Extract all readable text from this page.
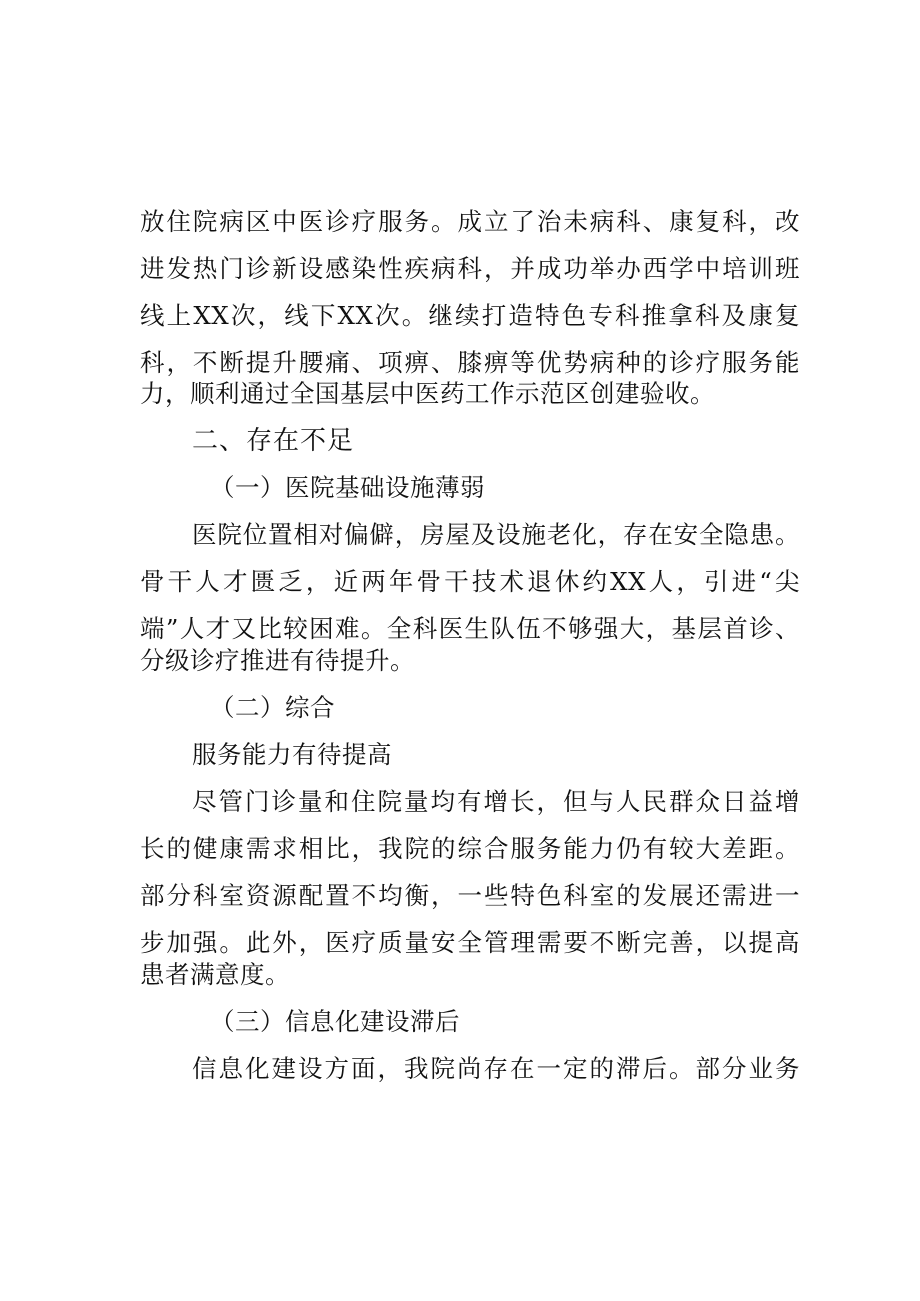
放住院病区中医诊疗服务。成立了治未病科、康复科，改
进发热门诊新设感染性疾病科，并成功举办西学中培训班
线上XX次，线下XX次。继续打造特色专科推拿科及康复
科，不断提升腰痛、项痹、膝痹等优势病种的诊疗服务能
力，顺利通过全国基层中医药工作示范区创建验收。
二、存在不足
（一）医院基础设施薄弱
医院位置相对偏僻，房屋及设施老化，存在安全隐患。
骨干人才匮乏，近两年骨干技术退休约XX人，引进“尖
端”人才又比较困难。全科医生队伍不够强大，基层首诊、
分级诊疗推进有待提升。
（二）综合
服务能力有待提高
尽管门诊量和住院量均有增长，但与人民群众日益增
长的健康需求相比，我院的综合服务能力仍有较大差距。
部分科室资源配置不均衡，一些特色科室的发展还需进一
步加强。此外，医疗质量安全管理需要不断完善，以提高
患者满意度。
（三）信息化建设滞后
信息化建设方面，我院尚存在一定的滞后。部分业务
